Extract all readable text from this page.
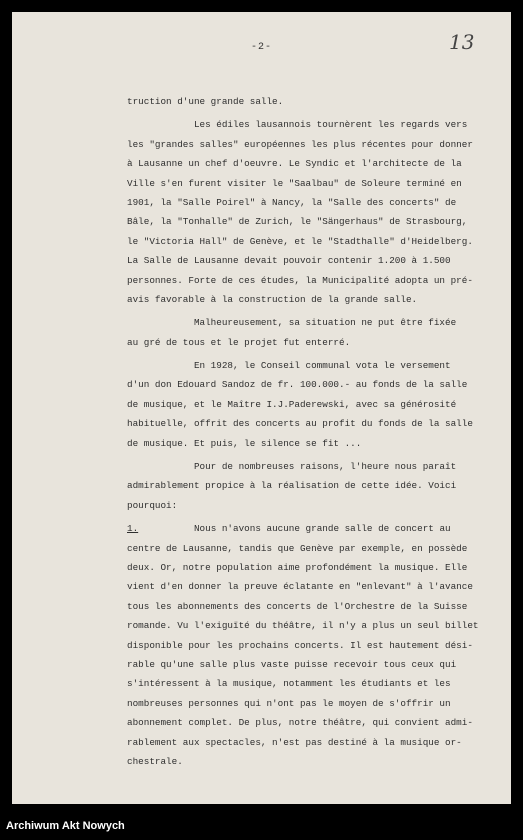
-2-	13
truction d'une grande salle.
Les édiles lausannois tournèrent les regards vers
les "grandes salles" européennes les plus récentes pour donner
à Lausanne un chef d'oeuvre. Le Syndic et l'architecte de la
Ville s'en furent visiter le "Saalbau" de Soleure terminé en
1901, la "Salle Poirel" à Nancy, la "Salle des concerts" de
Bâle, la "Tonhalle" de Zurich, le "Sängerhaus" de Strasbourg,
le "Victoria Hall" de Genève, et le "Stadthalle" d'Heidelberg.
La Salle de Lausanne devait pouvoir contenir 1.200 à 1.500
personnes. Forte de ces études, la Municipalité adopta un pré-
avis favorable à la construction de la grande salle.
Malheureusement, sa situation ne put être fixée
au gré de tous et le projet fut enterré.
En 1928, le Conseil communal vota le versement
d'un don Edouard Sandoz de fr. 100.000.- au fonds de la salle
de musique, et le Maître I.J.Paderewski, avec sa générosité
habituelle, offrit des concerts au profit du fonds de la salle
de musique. Et puis, le silence se fit ...
Pour de nombreuses raisons, l'heure nous paraît
admirablement propice à la réalisation de cette idée. Voici
pourquoi:
1.          Nous n'avons aucune grande salle de concert au
centre de Lausanne, tandis que Genève par exemple, en possède
deux. Or, notre population aime profondément la musique. Elle
vient d'en donner la preuve éclatante en "enlevant" à l'avance
tous les abonnements des concerts de l'Orchestre de la Suisse
romande. Vu l'exiguïté du théâtre, il n'y a plus un seul billet
disponible pour les prochains concerts. Il est hautement dési-
rable qu'une salle plus vaste puisse recevoir tous ceux qui
s'intéressent à la musique, notamment les étudiants et les
nombreuses personnes qui n'ont pas le moyen de s'offrir un
abonnement complet. De plus, notre théâtre, qui convient admi-
rablement aux spectacles, n'est pas destiné à la musique or-
chestrale.
Archiwum Akt Nowych
